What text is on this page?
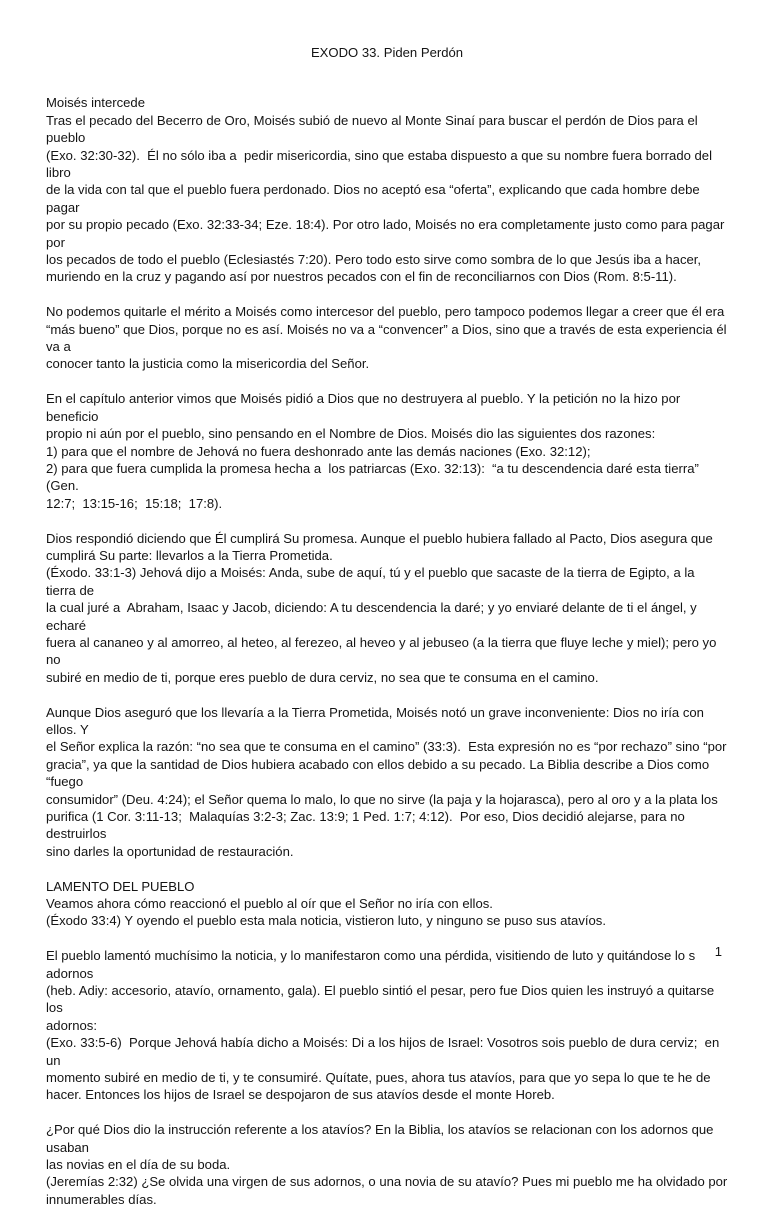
EXODO 33. Piden Perdón

Moisés intercede
Tras el pecado del Becerro de Oro, Moisés subió de nuevo al Monte Sinaí para buscar el perdón de Dios para el pueblo
(Exo. 32:30-32).  Él no sólo iba a  pedir misericordia, sino que estaba dispuesto a que su nombre fuera borrado del libro
de la vida con tal que el pueblo fuera perdonado. Dios no aceptó esa “oferta”, explicando que cada hombre debe pagar
por su propio pecado (Exo. 32:33-34; Eze. 18:4). Por otro lado, Moisés no era completamente justo como para pagar por
los pecados de todo el pueblo (Eclesiastés 7:20). Pero todo esto sirve como sombra de lo que Jesús iba a hacer,
muriendo en la cruz y pagando así por nuestros pecados con el fin de reconciliarnos con Dios (Rom. 8:5-11).

No podemos quitarle el mérito a Moisés como intercesor del pueblo, pero tampoco podemos llegar a creer que él era
“más bueno” que Dios, porque no es así. Moisés no va a “convencer” a Dios, sino que a través de esta experiencia él va a
conocer tanto la justicia como la misericordia del Señor.

En el capítulo anterior vimos que Moisés pidió a Dios que no destruyera al pueblo. Y la petición no la hizo por beneficio
propio ni aún por el pueblo, sino pensando en el Nombre de Dios. Moisés dio las siguientes dos razones:
1) para que el nombre de Jehová no fuera deshonrado ante las demás naciones (Exo. 32:12);
2) para que fuera cumplida la promesa hecha a  los patriarcas (Exo. 32:13):  “a tu descendencia daré esta tierra” (Gen.
12:7;  13:15-16;  15:18;  17:8).

Dios respondió diciendo que Él cumplirá Su promesa. Aunque el pueblo hubiera fallado al Pacto, Dios asegura que
cumplirá Su parte: llevarlos a la Tierra Prometida.
(Éxodo. 33:1-3) Jehová dijo a Moisés: Anda, sube de aquí, tú y el pueblo que sacaste de la tierra de Egipto, a la tierra de
la cual juré a  Abraham, Isaac y Jacob, diciendo: A tu descendencia la daré; y yo enviaré delante de ti el ángel, y echaré
fuera al cananeo y al amorreo, al heteo, al ferezeo, al heveo y al jebuseo (a la tierra que fluye leche y miel); pero yo no
subiré en medio de ti, porque eres pueblo de dura cerviz, no sea que te consuma en el camino.

Aunque Dios aseguró que los llevaría a la Tierra Prometida, Moisés notó un grave inconveniente: Dios no iría con ellos. Y
el Señor explica la razón: “no sea que te consuma en el camino” (33:3).  Esta expresión no es “por rechazo” sino “por
gracia”, ya que la santidad de Dios hubiera acabado con ellos debido a su pecado. La Biblia describe a Dios como “fuego
consumidor” (Deu. 4:24); el Señor quema lo malo, lo que no sirve (la paja y la hojarasca), pero al oro y a la plata los
purifica (1 Cor. 3:11-13;  Malaquías 3:2-3; Zac. 13:9; 1 Ped. 1:7; 4:12).  Por eso, Dios decidió alejarse, para no destruirlos
sino darles la oportunidad de restauración.

LAMENTO DEL PUEBLO
Veamos ahora cómo reaccionó el pueblo al oír que el Señor no iría con ellos.
(Éxodo 33:4) Y oyendo el pueblo esta mala noticia, vistieron luto, y ninguno se puso sus atavíos.

El pueblo lamentó muchísimo la noticia, y lo manifestaron como una pérdida, visitiendo de luto y quitándose lo s adornos
(heb. Adiy: accesorio, atavío, ornamento, gala). El pueblo sintió el pesar, pero fue Dios quien les instruyó a quitarse los
adornos:
(Exo. 33:5-6)  Porque Jehová había dicho a Moisés: Di a los hijos de Israel: Vosotros sois pueblo de dura cerviz;  en un
momento subiré en medio de ti, y te consumiré. Quítate, pues, ahora tus atavíos, para que yo sepa lo que te he de
hacer. Entonces los hijos de Israel se despojaron de sus atavíos desde el monte Horeb.

¿Por qué Dios dio la instrucción referente a los atavíos? En la Biblia, los atavíos se relacionan con los adornos que usaban
las novias en el día de su boda.
(Jeremías 2:32) ¿Se olvida una virgen de sus adornos, o una novia de su atavío? Pues mi pueblo me ha olvidado por
innumerables días.

1
